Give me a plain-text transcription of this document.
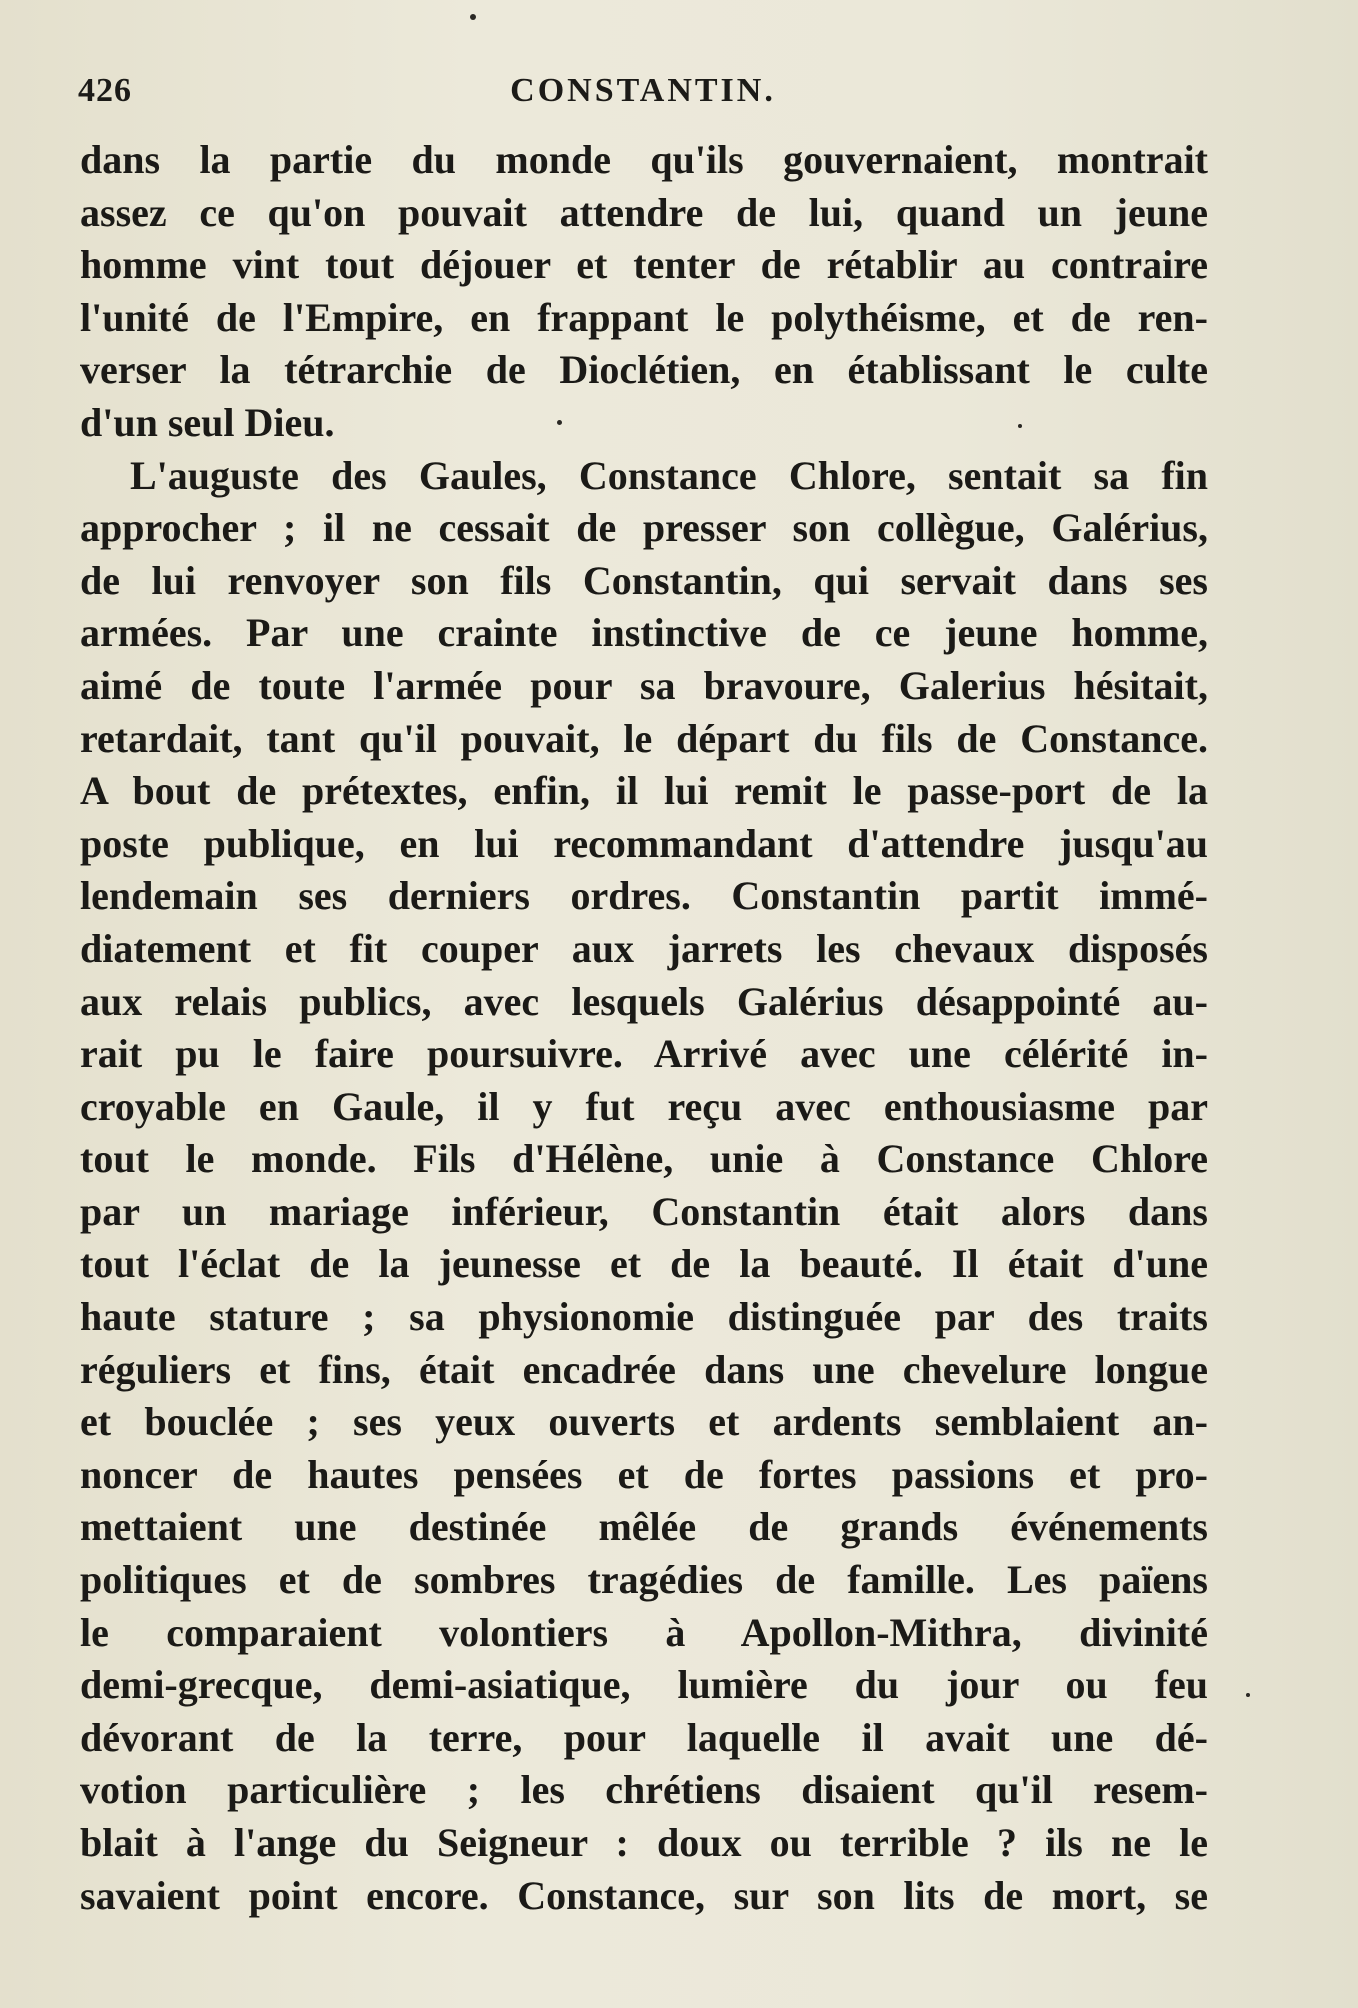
426	CONSTANTIN.
dans la partie du monde qu'ils gouvernaient, montrait
assez ce qu'on pouvait attendre de lui, quand un jeune
homme vint tout déjouer et tenter de rétablir au contraire
l'unité de l'Empire, en frappant le polythéisme, et de ren-
verser la tétrarchie de Dioclétien, en établissant le culte
d'un seul Dieu.
L'auguste des Gaules, Constance Chlore, sentait sa fin
approcher ; il ne cessait de presser son collègue, Galérius,
de lui renvoyer son fils Constantin, qui servait dans ses
armées. Par une crainte instinctive de ce jeune homme,
aimé de toute l'armée pour sa bravoure, Galerius hésitait,
retardait, tant qu'il pouvait, le départ du fils de Constance.
A bout de prétextes, enfin, il lui remit le passe-port de la
poste publique, en lui recommandant d'attendre jusqu'au
lendemain ses derniers ordres. Constantin partit immé-
diatement et fit couper aux jarrets les chevaux disposés
aux relais publics, avec lesquels Galérius désappointé au-
rait pu le faire poursuivre. Arrivé avec une célérité in-
croyable en Gaule, il y fut reçu avec enthousiasme par
tout le monde. Fils d'Hélène, unie à Constance Chlore
par un mariage inférieur, Constantin était alors dans
tout l'éclat de la jeunesse et de la beauté. Il était d'une
haute stature ; sa physionomie distinguée par des traits
réguliers et fins, était encadrée dans une chevelure longue
et bouclée ; ses yeux ouverts et ardents semblaient an-
noncer de hautes pensées et de fortes passions et pro-
mettaient une destinée mêlée de grands événements
politiques et de sombres tragédies de famille. Les païens
le comparaient volontiers à Apollon-Mithra, divinité
demi-grecque, demi-asiatique, lumière du jour ou feu
dévorant de la terre, pour laquelle il avait une dé-
votion particulière ; les chrétiens disaient qu'il resem-
blait à l'ange du Seigneur : doux ou terrible ? ils ne le
savaient point encore. Constance, sur son lits de mort, se
